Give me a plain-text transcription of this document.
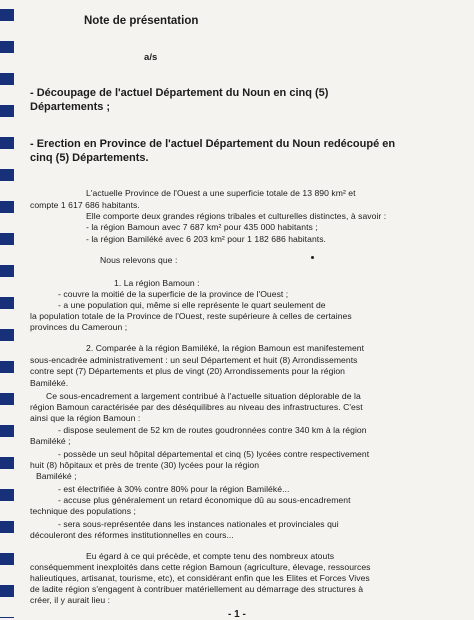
Note de présentation

a/s

- Découpage de l'actuel Département du Noun en cinq (5)

Départements ;

- Erection en Province de l'actuel Département du Noun redécoupé en

cinq (5) Départements.

L'actuelle Province de l'Ouest a une superficie totale de 13 890 km² et

compte 1 617 686 habitants.

Elle comporte deux grandes régions tribales et culturelles distinctes, à savoir :

- la région Bamoun avec 7 687 km² pour 435 000 habitants ;

- la région Bamiléké avec 6 203 km² pour 1 182 686 habitants.

Nous relevons que :

1. La région Bamoun :

- couvre la moitié de la superficie de la province de l'Ouest ;

- a une population qui, même si elle représente le quart seulement de

la population totale de la Province de l'Ouest, reste supérieure à celles de certaines

provinces du Cameroun ;

2. Comparée à la région Bamiléké, la région Bamoun est manifestement

sous-encadrée administrativement : un seul Département et huit (8) Arrondissements

contre sept (7) Départements et plus de vingt (20) Arrondissements pour la région

Bamiléké.

Ce sous-encadrement a largement contribué à l'actuelle situation déplorable de la

région Bamoun caractérisée par des déséquilibres au niveau des infrastructures. C'est

ainsi que la région Bamoun :

- dispose seulement de 52 km de routes goudronnées contre 340 km à la région

Bamiléké ;

- possède un seul hôpital départemental et cinq (5) lycées contre respectivement

huit (8) hôpitaux et près de trente (30) lycées pour la région

Bamiléké ;

- est électrifiée à 30% contre 80% pour la région Bamiléké...

- accuse plus généralement un retard économique dû au sous-encadrement

technique des populations ;

- sera sous-représentée dans les instances nationales et provinciales qui

découleront des réformes institutionnelles en cours...

Eu égard à ce qui précède, et compte tenu des nombreux atouts

conséquemment inexploités dans cette région Bamoun (agriculture, élevage, ressources

halieutiques, artisanat, tourisme, etc), et considérant enfin que les Elites et Forces Vives

de ladite région s'engagent à contribuer matériellement au démarrage des structures à

créer, il y aurait lieu :

- 1 -
